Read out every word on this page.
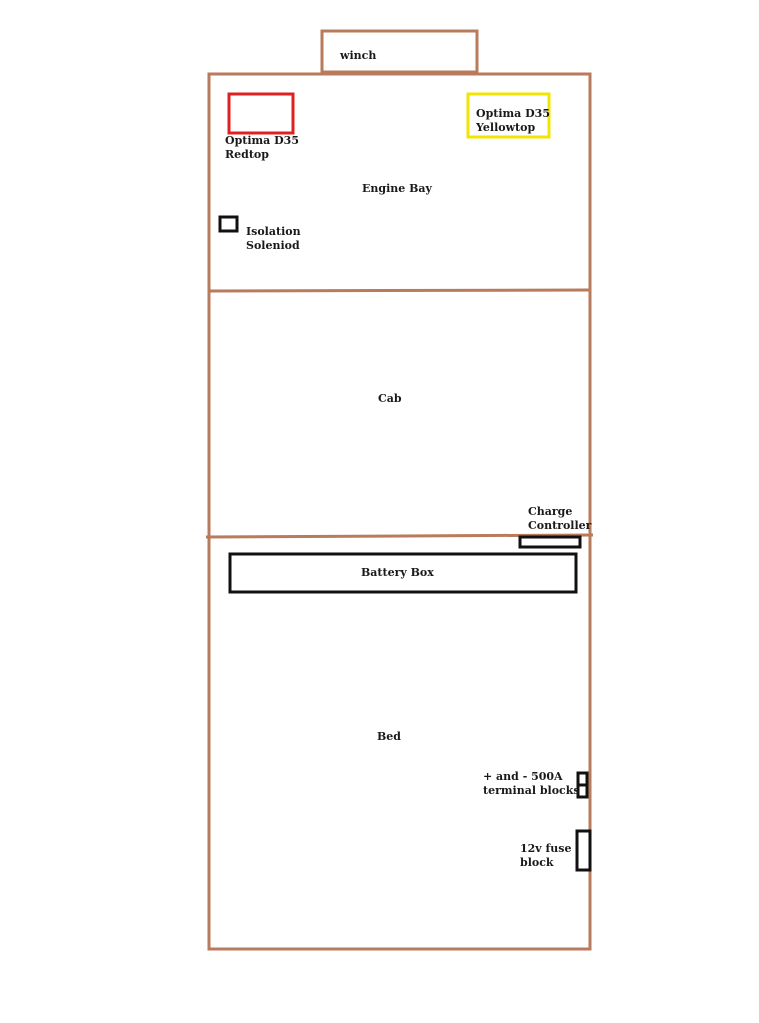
winch
Optima D35
Redtop
Optima D35
Yellowtop
Engine Bay
Isolation
Soleniod
Cab
Charge
Controller
Battery Box
Bed
+ and - 500A
terminal blocks
12v fuse
block
